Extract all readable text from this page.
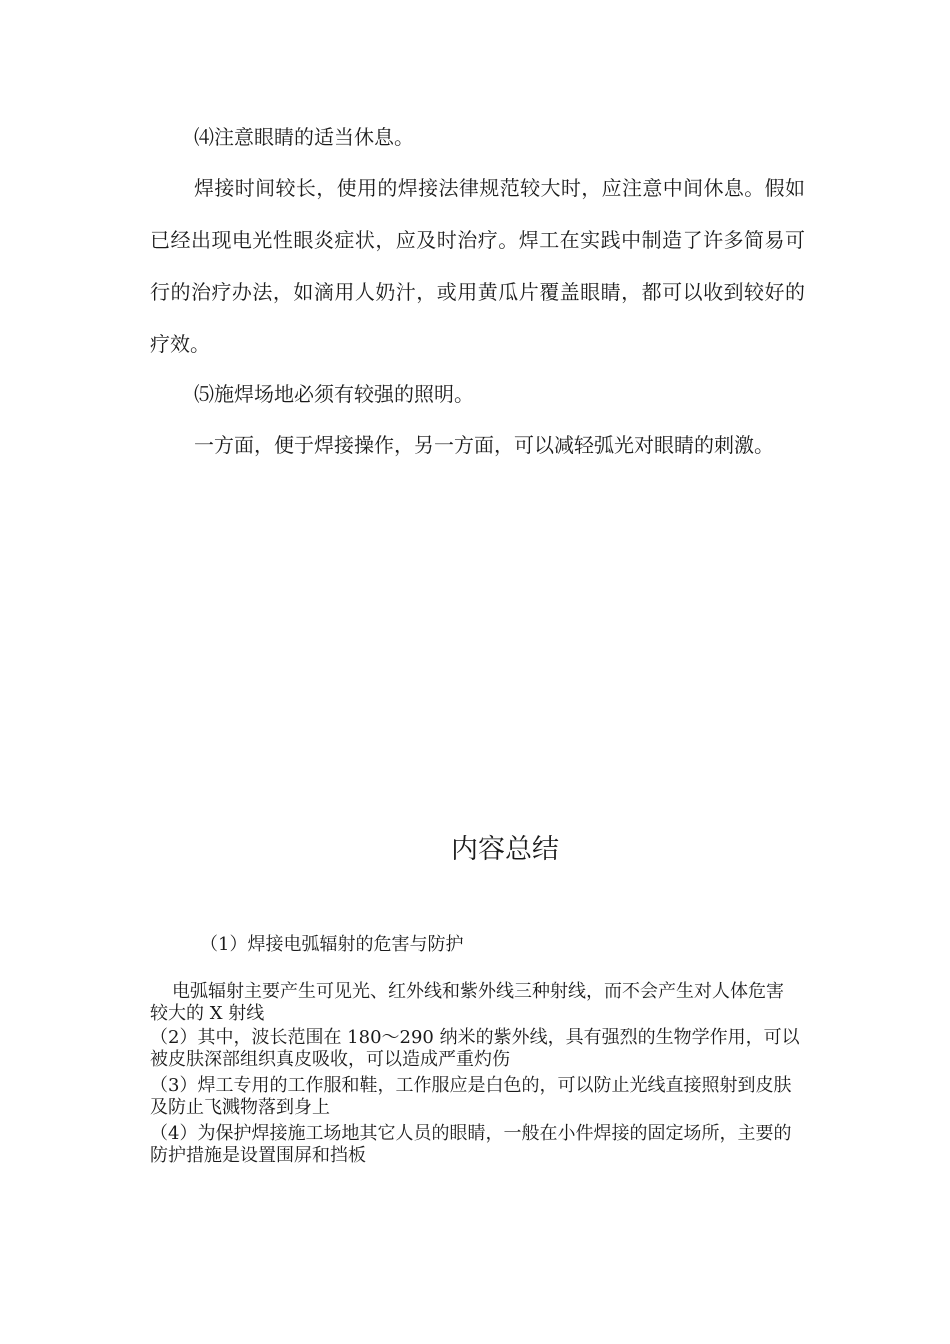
⑷注意眼睛的适当休息。

焊接时间较长，使用的焊接法律规范较大时，应注意中间休息。假如已经出现电光性眼炎症状，应及时治疗。焊工在实践中制造了许多简易可行的治疗办法，如滴用人奶汁，或用黄瓜片覆盖眼睛，都可以收到较好的疗效。

⑸施焊场地必须有较强的照明。

一方面，便于焊接操作，另一方面，可以减轻弧光对眼睛的刺激。

内容总结

（1）焊接电弧辐射的危害与防护

电弧辐射主要产生可见光、红外线和紫外线三种射线，而不会产生对人体危害较大的 X 射线

（2）其中，波长范围在 180～290 纳米的紫外线，具有强烈的生物学作用，可以被皮肤深部组织真皮吸收，可以造成严重灼伤

（3）焊工专用的工作服和鞋，工作服应是白色的，可以防止光线直接照射到皮肤及防止飞溅物落到身上

（4）为保护焊接施工场地其它人员的眼睛，一般在小件焊接的固定场所，主要的防护措施是设置围屏和挡板
